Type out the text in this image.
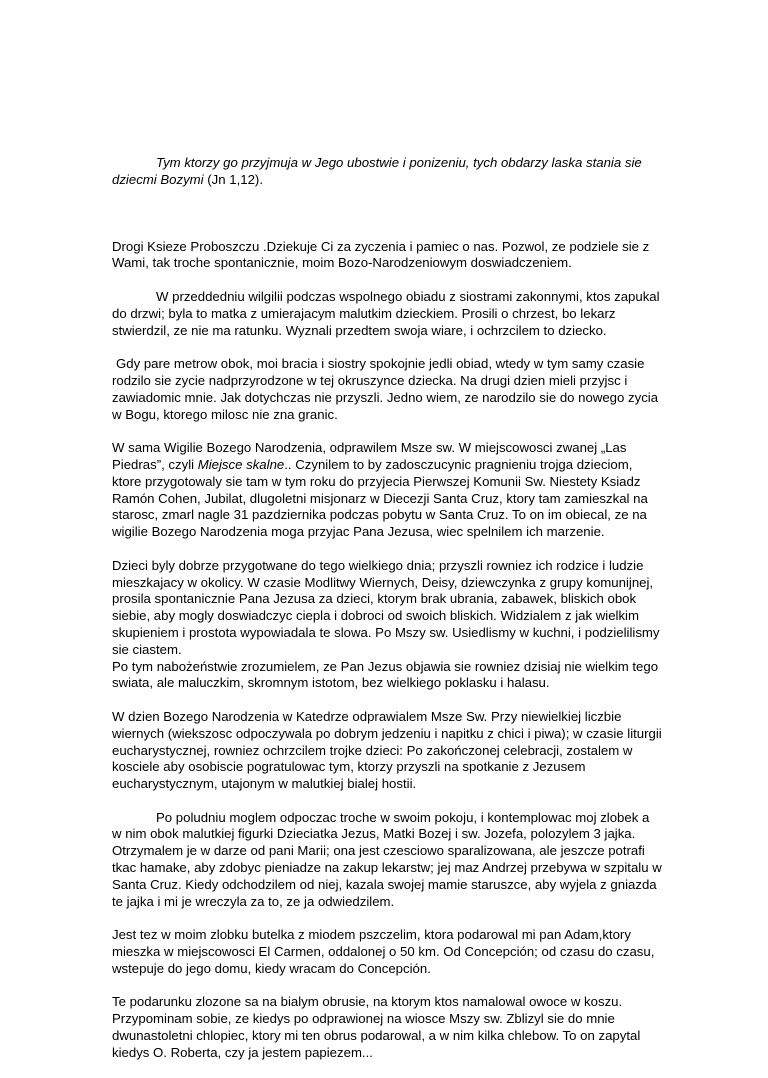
Tym ktorzy go przyjmuja w Jego ubostwie i ponizeniu, tych obdarzy laska stania sie dziecmi Bozymi (Jn 1,12).

Drogi Ksieze Proboszczu .Dziekuje Ci za zyczenia i pamiec o nas. Pozwol, ze podziele sie z Wami, tak troche spontanicznie, moim Bozo-Narodzeniowym doswiadczeniem.

W przeddedniu wilgilii podczas wspolnego obiadu z siostrami zakonnymi, ktos zapukal do drzwi; byla to matka z umierajacym malutkim dzieckiem. Prosili o chrzest, bo lekarz stwierdzil, ze nie ma ratunku. Wyznali przedtem swoja wiare, i ochrzcilem to dziecko.

Gdy pare metrow obok, moi bracia i siostry spokojnie jedli obiad, wtedy w tym samy czasie rodzilo sie zycie nadprzyrodzone w tej okruszynce dziecka. Na drugi dzien mieli przyjsc i zawiadomic mnie. Jak dotychczas nie przyszli. Jedno wiem, ze narodzilo sie do nowego zycia w Bogu, ktorego milosc nie zna granic.

W sama Wigilie Bozego Narodzenia, odprawilem Msze sw. W miejscowosci zwanej „Las Piedras”, czyli Miejsce skalne.. Czynilem to by zadosczucynic pragnieniu trojga dzieciom, ktore przygotowaly sie tam w tym roku do przyjecia Pierwszej Komunii Sw. Niestety Ksiadz Ramón Cohen, Jubilat, dlugoletni misjonarz w Diecezji Santa Cruz, ktory tam zamieszkal na starosc, zmarl nagle 31 pazdziernika podczas pobytu w Santa Cruz. To on im obiecal, ze na wigilie Bozego Narodzenia moga przyjac Pana Jezusa, wiec spelnilem ich marzenie.

Dzieci byly dobrze przygotwane do tego wielkiego dnia; przyszli rowniez ich rodzice i ludzie mieszkajacy w okolicy. W czasie Modlitwy Wiernych, Deisy, dziewczynka z grupy komunijnej, prosila spontanicznie Pana Jezusa za dzieci, ktorym brak ubrania, zabawek, bliskich obok siebie, aby mogly doswiadczyc ciepla i dobroci od swoich bliskich. Widzialem z jak wielkim skupieniem i prostota wypowiadala te slowa. Po Mszy sw. Usiedlismy w kuchni, i podzielilismy sie ciastem.

Po tym nabożeństwie zrozumielem, ze Pan Jezus objawia sie rowniez dzisiaj nie wielkim tego swiata, ale maluczkim, skromnym istotom, bez wielkiego poklasku i halasu.

W dzien Bozego Narodzenia w Katedrze odprawialem Msze Sw. Przy niewielkiej liczbie wiernych (wiekszosc odpoczywala po dobrym jedzeniu i napitku z chici i piwa); w czasie liturgii eucharystycznej, rowniez ochrzcilem trojke dzieci: Po zakończonej celebracji, zostalem w kosciele aby osobiscie pogratulowac tym, ktorzy przyszli na spotkanie z Jezusem eucharystycznym, utajonym w malutkiej bialej hostii.

Po poludniu moglem odpoczac troche w swoim pokoju, i kontemplowac moj zlobek a w nim obok malutkiej figurki Dzieciatka Jezus, Matki Bozej i sw. Jozefa, polozylem 3 jajka. Otrzymalem je w darze od pani Marii; ona jest czesciowo sparalizowana, ale jeszcze potrafi tkac hamake, aby zdobyc pieniadze na zakup lekarstw; jej maz Andrzej przebywa w szpitalu w Santa Cruz. Kiedy odchodzilem od niej, kazala swojej mamie staruszce, aby wyjela z gniazda te jajka i mi je wreczyla za to, ze ja odwiedzilem.

Jest tez w moim zlobku butelka z miodem pszczelim, ktora podarowal mi pan Adam,ktory mieszka w miejscowosci El Carmen, oddalonej o 50 km. Od Concepción; od czasu do czasu, wstepuje do jego domu, kiedy wracam do Concepción.

Te podarunku zlozone sa na bialym obrusie, na ktorym ktos namalowal owoce w koszu. Przypominam sobie, ze kiedys po odprawionej na wiosce Mszy sw. Zblizyl sie do mnie dwunastoletni chlopiec, ktory mi ten obrus podarowal, a w nim kilka chlebow. To on zapytal kiedys O. Roberta, czy ja jestem papiezem...
